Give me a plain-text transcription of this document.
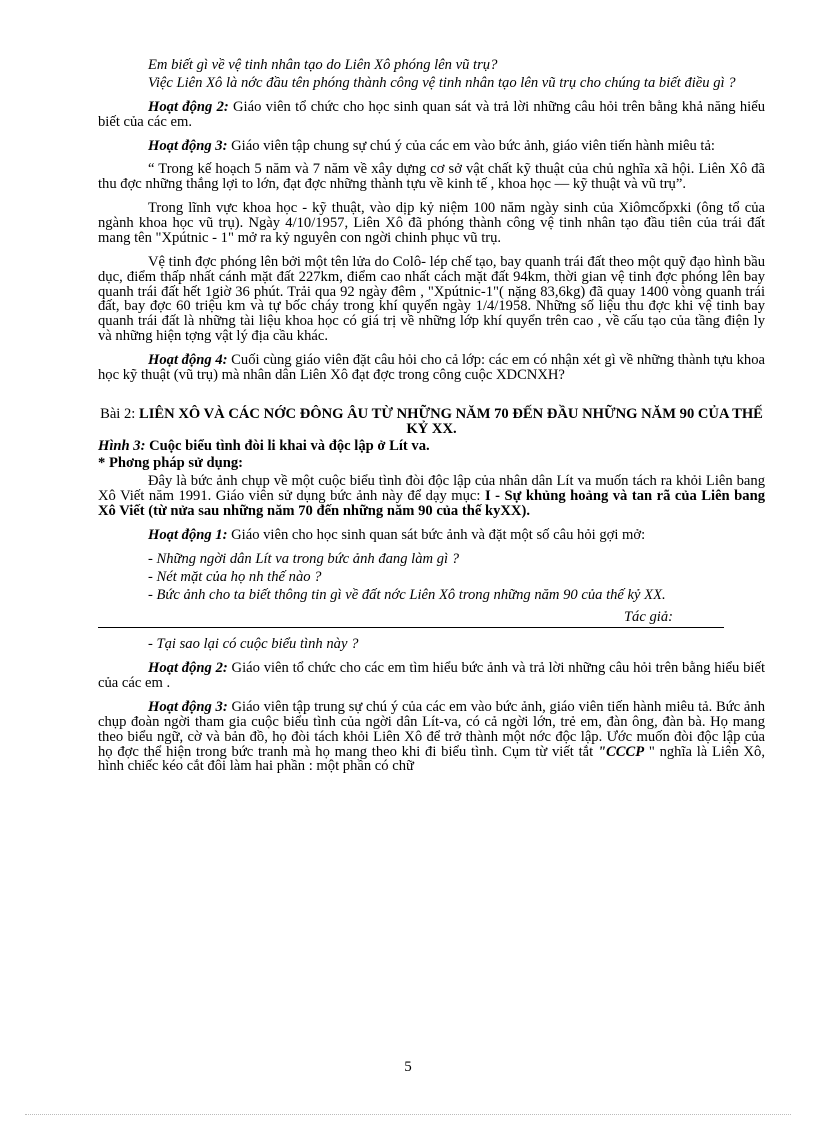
Em biết gì về vệ tinh nhân tạo do Liên Xô phóng lên vũ trụ?

Việc Liên Xô là nớc đầu tên phóng thành công vệ tinh nhân tạo lên vũ trụ cho chúng ta biết điều gì ?

Hoạt động 2: Giáo viên tổ chức cho học sinh quan sát và trả lời những câu hỏi trên bằng khả năng hiểu biết của các em.

Hoạt động 3: Giáo viên tập chung sự chú ý của các em vào bức ảnh, giáo viên tiến hành miêu tả:

“ Trong kế hoạch 5 năm và 7 năm về xây dựng cơ sở vật chất kỹ thuật của chủ nghĩa xã hội. Liên Xô đã thu đợc những thắng lợi to lớn, đạt đợc những thành tựu về kinh tế , khoa học — kỹ thuật và vũ trụ”.

Trong lĩnh vực khoa học - kỹ thuật, vào dịp kỷ niệm 100 năm ngày sinh của Xiômcốpxki (ông tổ của ngành khoa học vũ trụ). Ngày 4/10/1957, Liên Xô đã phóng thành công vệ tinh nhân tạo đầu tiên của trái đất mang tên "Xpútnic - 1" mở ra kỷ nguyên con ngời chinh phục vũ trụ.

Vệ tinh đợc phóng lên bởi một tên lửa do Colô- lép chế tạo, bay quanh trái đất theo một quỹ đạo hình bầu dục, điểm thấp nhất cánh mặt đất 227km, điểm cao nhất cách mặt đất 94km, thời gian vệ tinh đợc phóng lên bay quanh trái đất hết 1giờ 36 phút. Trải qua 92 ngày đêm , "Xpútnic-1"( nặng 83,6kg) đã quay 1400 vòng quanh trái đất, bay đợc 60 triệu km và tự bốc cháy trong khí quyển ngày 1/4/1958. Những số liệu thu đợc khi vệ tinh bay quanh trái đất là những tài liệu khoa học có giá trị về những lớp khí quyển trên cao , về cấu tạo của tầng điện ly và những hiện tợng vật lý địa cầu khác.

Hoạt động 4: Cuối cùng giáo viên đặt câu hỏi cho cả lớp: các em có nhận xét gì về những thành tựu khoa học kỹ thuật (vũ trụ) mà nhân dân Liên Xô đạt đợc trong công cuộc XDCNXH?

Bài 2: LIÊN XÔ VÀ CÁC NỚC ĐÔNG ÂU TỪ NHỮNG NĂM 70 ĐẾN ĐẦU NHỮNG NĂM 90 CỦA THẾ KỶ XX.

Hình 3: Cuộc biểu tình đòi li khai và độc lập ở Lít va.

* Phơng pháp sử dụng:

Đây là bức ảnh chụp về một cuộc biểu tình đòi độc lập của nhân dân Lít va muốn tách ra khỏi Liên bang Xô Viết năm 1991. Giáo viên sử dụng bức ảnh này để dạy mục: I - Sự khủng hoảng và tan rã của Liên bang Xô Viết (từ nửa sau những năm 70 đến những năm 90 của thế kyXX).

Hoạt động 1: Giáo viên cho học sinh quan sát bức ảnh và đặt một số câu hỏi gợi mở:

- Những ngời dân Lít va trong bức ảnh đang làm gì ?

- Nét mặt của họ nh thế nào ?

- Bức ảnh cho ta biết thông tin gì về đất nớc Liên Xô trong những năm 90 của thế kỷ XX.

Tác giả:

- Tại sao lại có cuộc biểu tình này ?

Hoạt động 2: Giáo viên tổ chức cho các em tìm hiểu bức ảnh và trả lời những câu hỏi trên bằng hiểu biết của các em .

Hoạt động 3: Giáo viên tập trung sự chú ý của các em vào bức ảnh, giáo viên tiến hành miêu tả. Bức ảnh chụp đoàn ngời tham gia cuộc biểu tình của ngời dân Lít-va, có cả ngời lớn, trẻ em, đàn ông, đàn bà. Họ mang theo biểu ngữ, cờ và bản đồ, họ đòi tách khỏi Liên Xô để trở thành một nớc độc lập. Ước muốn đòi độc lập của họ đợc thể hiện trong bức tranh mà họ mang theo khi đi biểu tình. Cụm từ viết tắt "CCCP " nghĩa là Liên Xô, hình chiếc kéo cắt đôi làm hai phần : một phần có chữ

5
